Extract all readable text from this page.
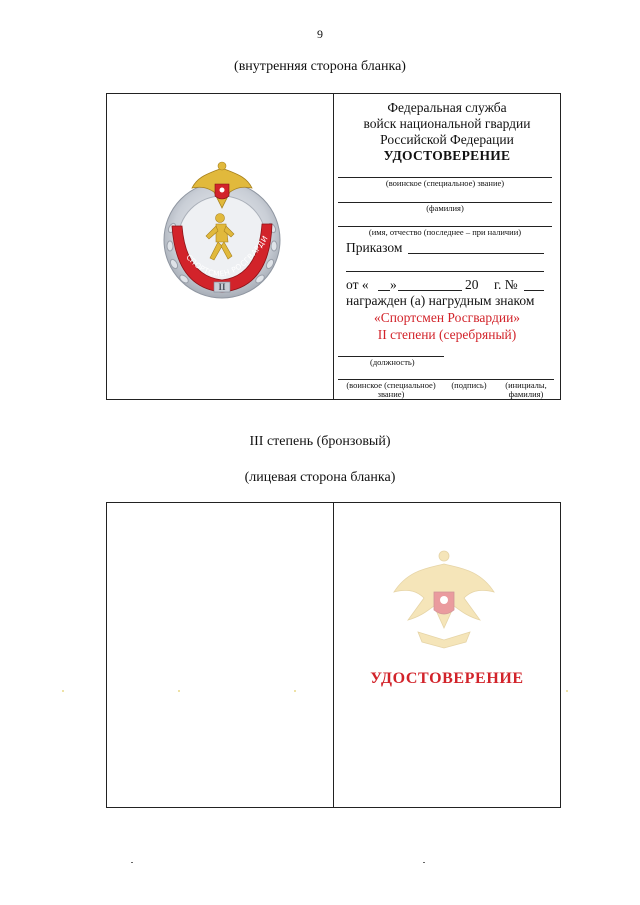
9
(внутренняя сторона бланка)
СПОРТСМЕН РОСГВАРДИ
II
Федеральная служба
войск национальной гвардии
Российской Федерации
УДОСТОВЕРЕНИЕ
(воинское (специальное) звание)
(фамилия)
(имя, отчество (последнее – при наличии)
Приказом
от « »	20 г. №
награжден (а) нагрудным знаком
«Спортсмен Росгвардии»
II степени (серебряный)
(должность)
(воинское (специальное)
звание)
(подпись)	(инициалы,
фамилия)
III степень (бронзовый)
(лицевая сторона бланка)
УДОСТОВЕРЕНИЕ
